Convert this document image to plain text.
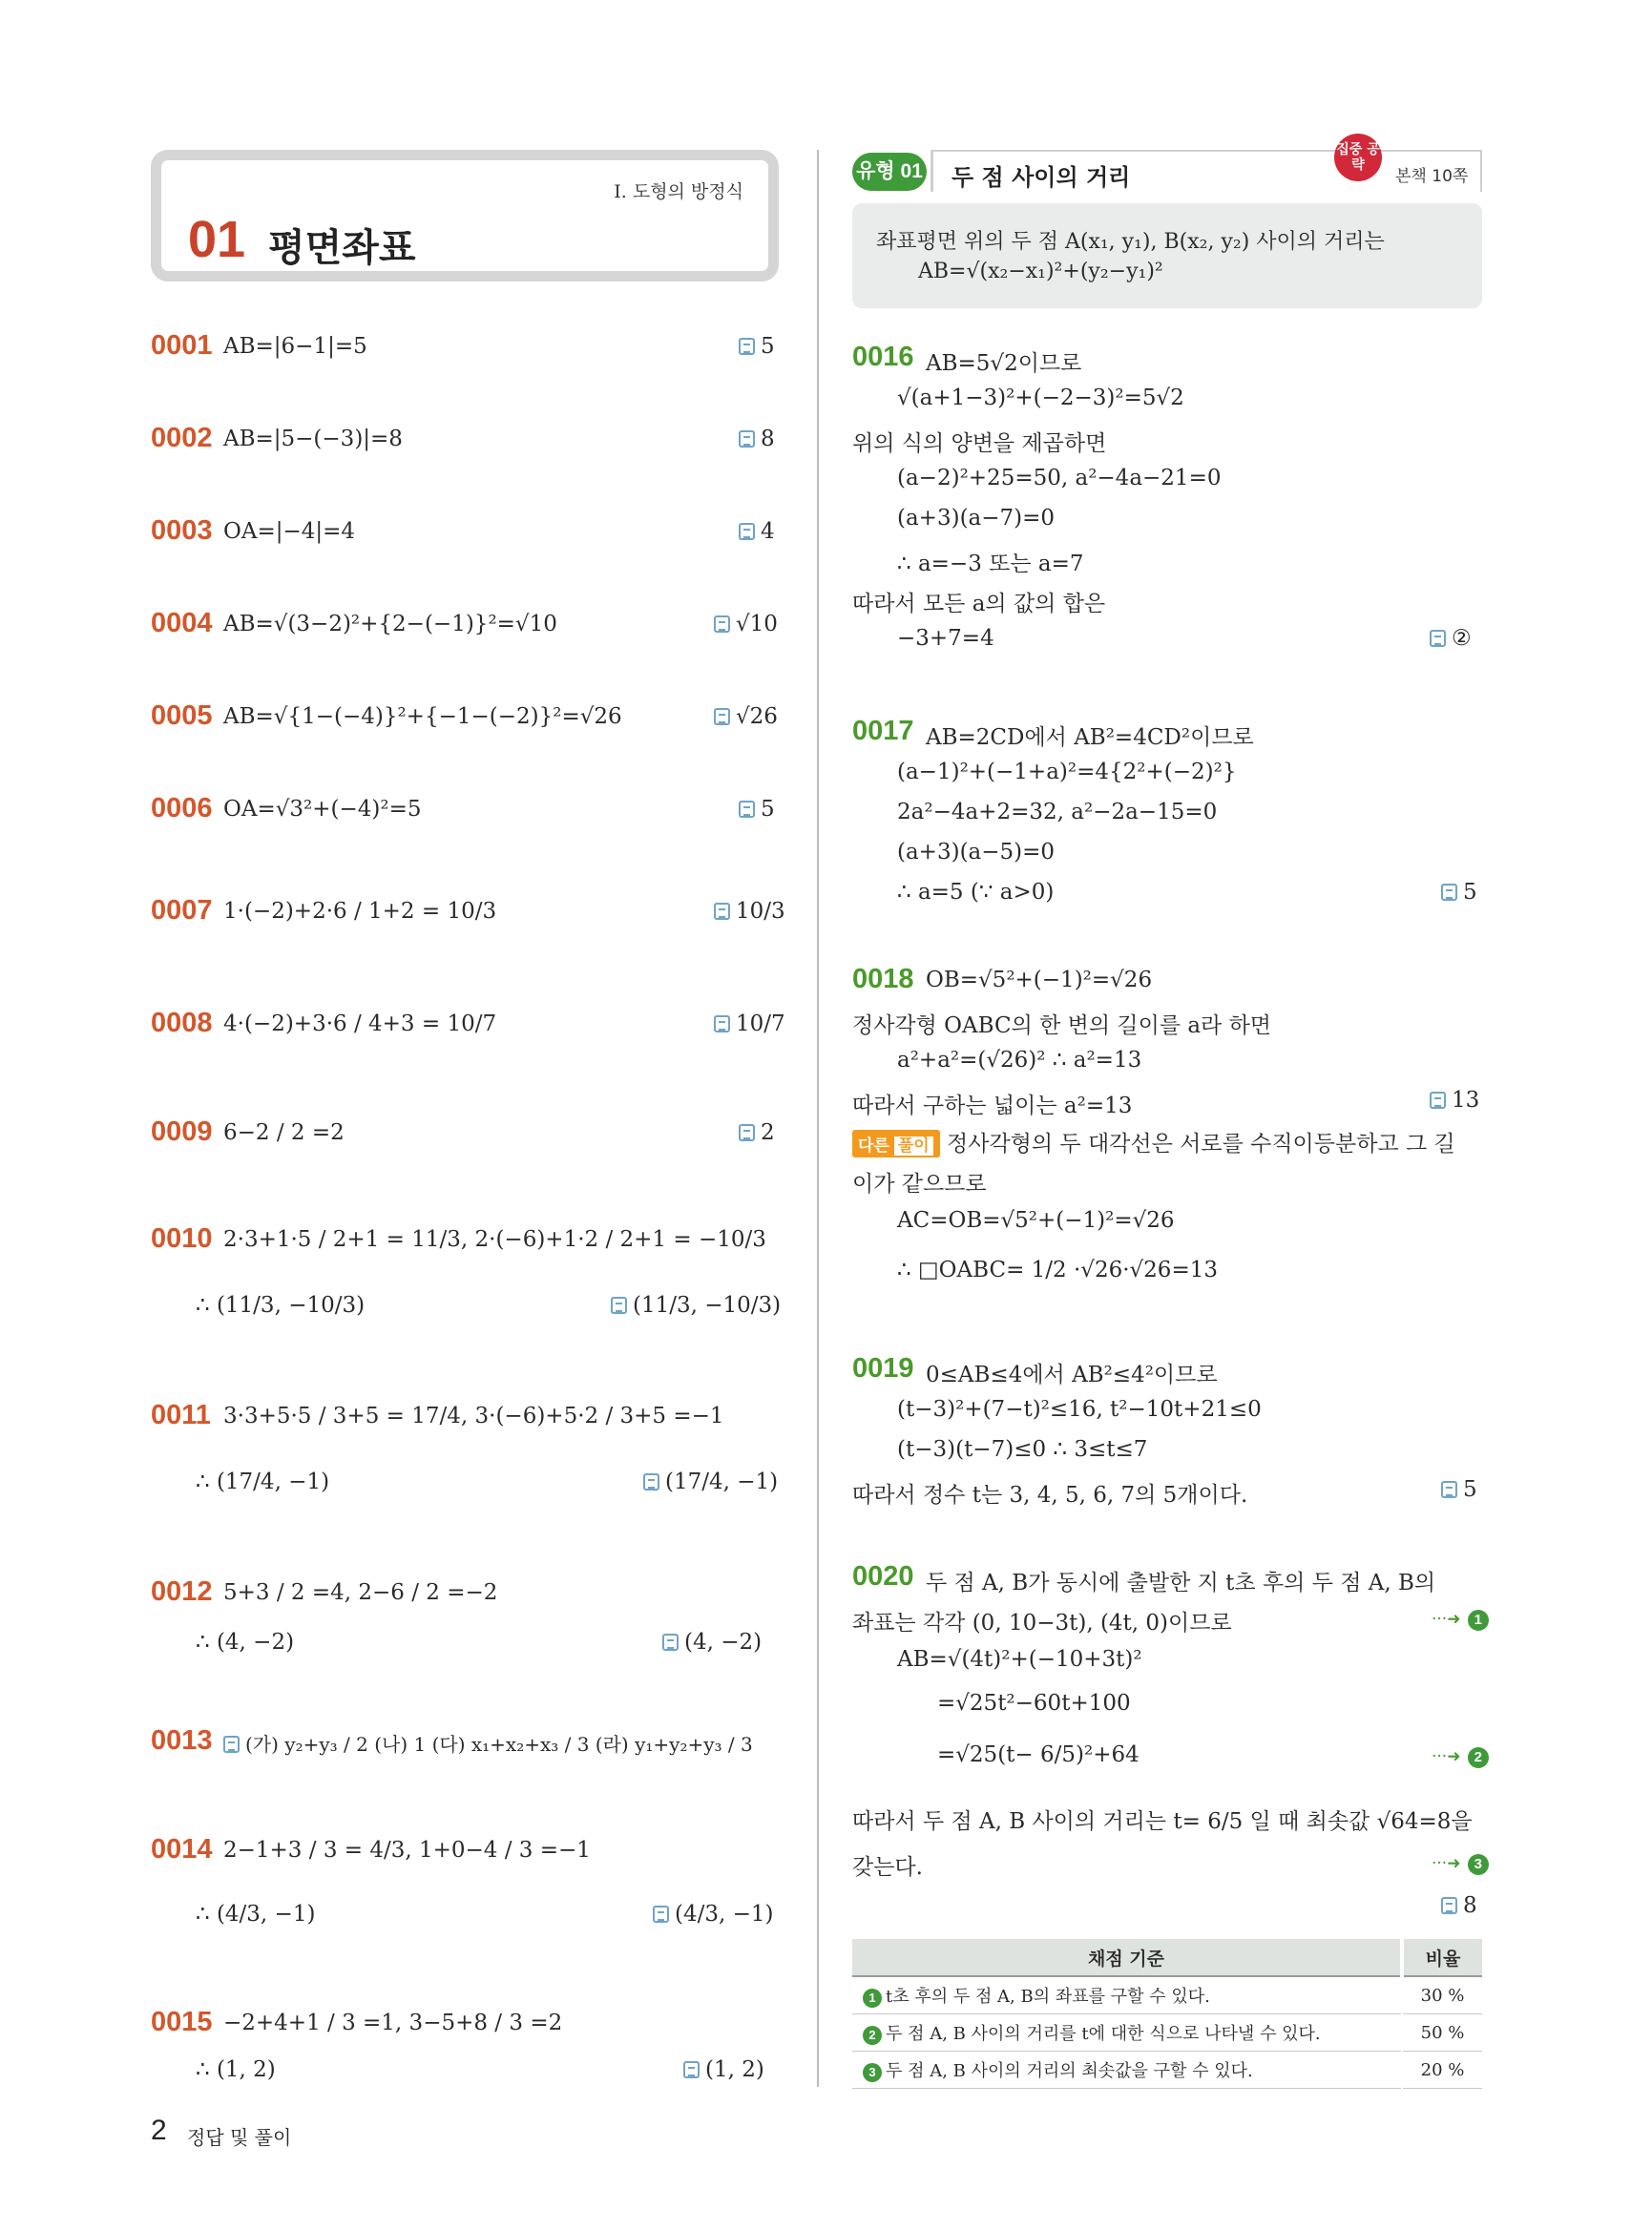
Ⅰ. 도형의 방정식
01 평면좌표
0001 AB=|6−1|=5	5
0002 AB=|5−(−3)|=8	8
0003 OA=|−4|=4	4
0004 AB=√(3−2)²+{2−(−1)}²=√10	√10
0005 AB=√{1−(−4)}²+{−1−(−2)}²=√26	√26
0006 OA=√3²+(−4)²=5	5
0007 1·(−2)+2·6 / 1+2 = 10/3	10/3
0008 4·(−2)+3·6 / 4+3 = 10/7	10/7
0009 6−2 / 2 =2	2
0010 2·3+1·5 / 2+1 = 11/3, 2·(−6)+1·2 / 2+1 = −10/3
∴ (11/3, −10/3)	(11/3, −10/3)
0011 3·3+5·5 / 3+5 = 17/4, 3·(−6)+5·2 / 3+5 =−1
∴ (17/4, −1)	(17/4, −1)
0012 5+3 / 2 =4, 2−6 / 2 =−2
∴ (4, −2)	(4, −2)
0013	(가) y₂+y₃ / 2 (나) 1 (다) x₁+x₂+x₃ / 3 (라) y₁+y₂+y₃ / 3
0014 2−1+3 / 3 = 4/3, 1+0−4 / 3 =−1
∴ (4/3, −1)	(4/3, −1)
0015 −2+4+1 / 3 =1, 3−5+8 / 3 =2
∴ (1, 2)	(1, 2)
유형 01 두 점 사이의 거리
집중 공략
본책 10쪽
좌표평면 위의 두 점 A(x₁, y₁), B(x₂, y₂) 사이의 거리는
AB=√(x₂−x₁)²+(y₂−y₁)²
0016 AB=5√2이므로
√(a+1−3)²+(−2−3)²=5√2
위의 식의 양변을 제곱하면
(a−2)²+25=50, a²−4a−21=0
(a+3)(a−7)=0
∴ a=−3 또는 a=7
따라서 모든 a의 값의 합은
−3+7=4	②
0017 AB=2CD에서 AB²=4CD²이므로
(a−1)²+(−1+a)²=4{2²+(−2)²}
2a²−4a+2=32, a²−2a−15=0
(a+3)(a−5)=0
∴ a=5 (∵ a>0)	5
0018 OB=√5²+(−1)²=√26
정사각형 OABC의 한 변의 길이를 a라 하면
a²+a²=(√26)² ∴ a²=13
따라서 구하는 넓이는 a²=13	13
다른 풀이 정사각형의 두 대각선은 서로를 수직이등분하고 그 길
이가 같으므로
AC=OB=√5²+(−1)²=√26
∴ □OABC= 1/2 ·√26·√26=13
0019 0≤AB≤4에서 AB²≤4²이므로
(t−3)²+(7−t)²≤16, t²−10t+21≤0
(t−3)(t−7)≤0 ∴ 3≤t≤7
따라서 정수 t는 3, 4, 5, 6, 7의 5개이다.	5
0020 두 점 A, B가 동시에 출발한 지 t초 후의 두 점 A, B의
좌표는 각각 (0, 10−3t), (4t, 0)이므로	···➜ 1
AB=√(4t)²+(−10+3t)²
=√25t²−60t+100
=√25(t− 6/5)²+64	···➜ 2
따라서 두 점 A, B 사이의 거리는 t= 6/5 일 때 최솟값 √64=8을
갖는다.	···➜ 3
8
채점 기준	비율
1 t초 후의 두 점 A, B의 좌표를 구할 수 있다.	30 %
2 두 점 A, B 사이의 거리를 t에 대한 식으로 나타낼 수 있다.	50 %
3 두 점 A, B 사이의 거리의 최솟값을 구할 수 있다.	20 %
2 정답 및 풀이
